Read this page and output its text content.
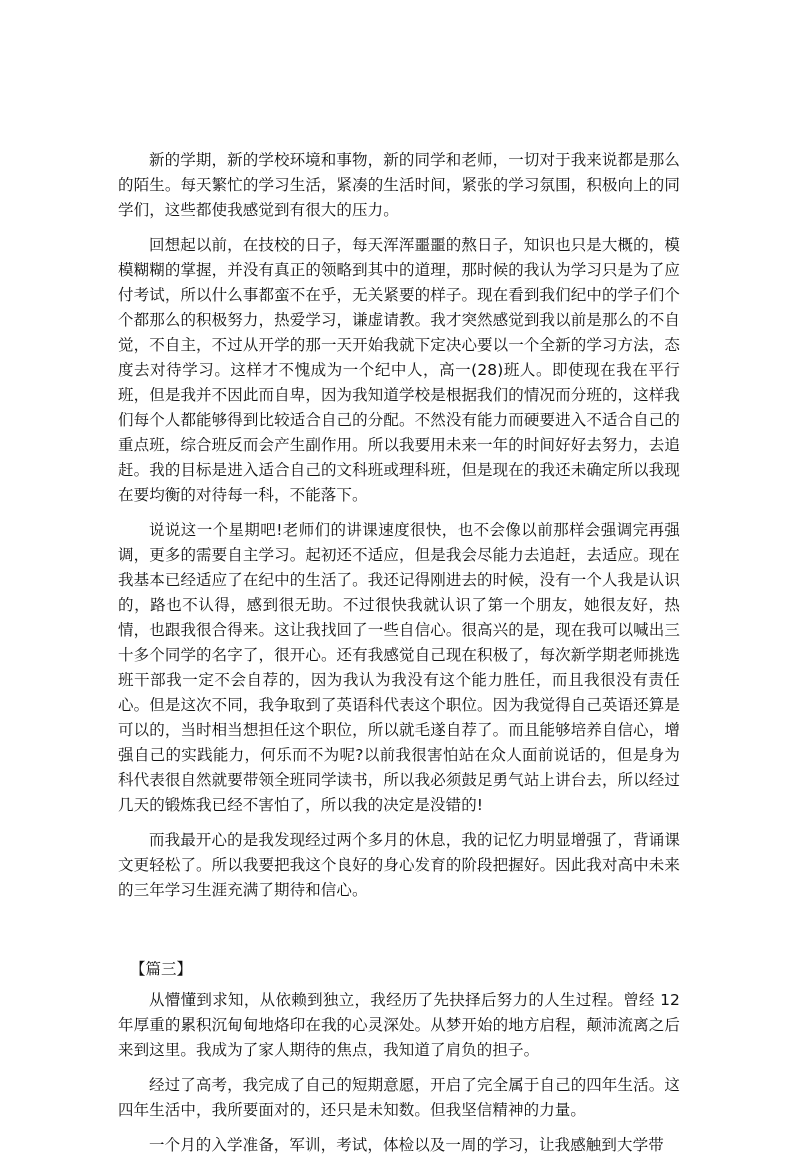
新的学期，新的学校环境和事物，新的同学和老师，一切对于我来说都是那么的陌生。每天繁忙的学习生活，紧凑的生活时间，紧张的学习氛围，积极向上的同学们，这些都使我感觉到有很大的压力。

回想起以前，在技校的日子，每天浑浑噩噩的熬日子，知识也只是大概的，模模糊糊的掌握，并没有真正的领略到其中的道理，那时候的我认为学习只是为了应付考试，所以什么事都蛮不在乎，无关紧要的样子。现在看到我们纪中的学子们个个都那么的积极努力，热爱学习，谦虚请教。我才突然感觉到我以前是那么的不自觉，不自主，不过从开学的那一天开始我就下定决心要以一个全新的学习方法，态度去对待学习。这样才不愧成为一个纪中人，高一(28)班人。即使现在我在平行班，但是我并不因此而自卑，因为我知道学校是根据我们的情况而分班的，这样我们每个人都能够得到比较适合自己的分配。不然没有能力而硬要进入不适合自己的重点班，综合班反而会产生副作用。所以我要用未来一年的时间好好去努力，去追赶。我的目标是进入适合自己的文科班或理科班，但是现在的我还未确定所以我现在要均衡的对待每一科，不能落下。

说说这一个星期吧!老师们的讲课速度很快，也不会像以前那样会强调完再强调，更多的需要自主学习。起初还不适应，但是我会尽能力去追赶，去适应。现在我基本已经适应了在纪中的生活了。我还记得刚进去的时候，没有一个人我是认识的，路也不认得，感到很无助。不过很快我就认识了第一个朋友，她很友好，热情，也跟我很合得来。这让我找回了一些自信心。很高兴的是，现在我可以喊出三十多个同学的名字了，很开心。还有我感觉自己现在积极了，每次新学期老师挑选班干部我一定不会自荐的，因为我认为我没有这个能力胜任，而且我很没有责任心。但是这次不同，我争取到了英语科代表这个职位。因为我觉得自己英语还算是可以的，当时相当想担任这个职位，所以就毛遂自荐了。而且能够培养自信心，增强自己的实践能力，何乐而不为呢?以前我很害怕站在众人面前说话的，但是身为科代表很自然就要带领全班同学读书，所以我必须鼓足勇气站上讲台去，所以经过几天的锻炼我已经不害怕了，所以我的决定是没错的!

而我最开心的是我发现经过两个多月的休息，我的记忆力明显增强了，背诵课文更轻松了。所以我要把我这个良好的身心发育的阶段把握好。因此我对高中未来的三年学习生涯充满了期待和信心。

【篇三】

从懵懂到求知，从依赖到独立，我经历了先抉择后努力的人生过程。曾经 12 年厚重的累积沉甸甸地烙印在我的心灵深处。从梦开始的地方启程，颠沛流离之后来到这里。我成为了家人期待的焦点，我知道了肩负的担子。

经过了高考，我完成了自己的短期意愿，开启了完全属于自己的四年生活。这四年生活中，我所要面对的，还只是未知数。但我坚信精神的力量。

一个月的入学准备，军训，考试，体检以及一周的学习，让我感触到大学带
